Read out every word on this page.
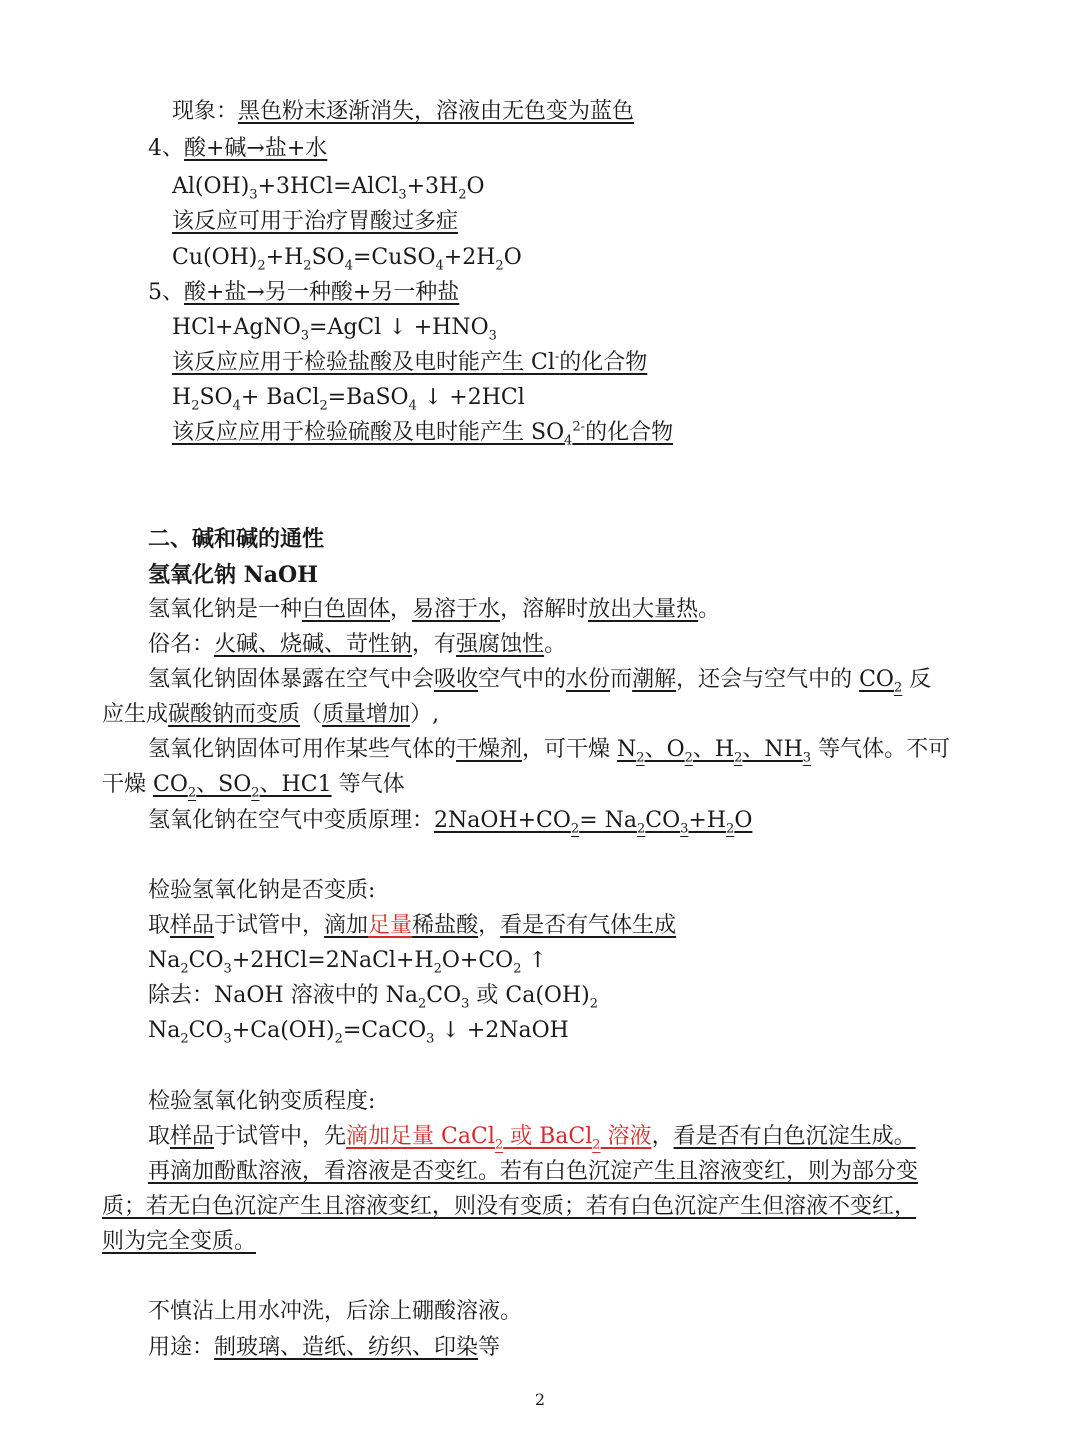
现象：黑色粉末逐渐消失，溶液由无色变为蓝色
4、酸+碱→盐+水
$Al(OH)_3+3HCl=AlCl_3+3H_2O$
该反应可用于治疗胃酸过多症
$Cu(OH)_2+H_2SO_4=CuSO_4+2H_2O$
5、酸+盐→另一种酸+另一种盐
HCl+AgNO$_3$=AgCl ↓ $+HNO_3$
该反应应用于检验盐酸及电时能产生 Cl-的化合物
$H_2SO_4+$ BaCl$_2$=BaSO$_4$ ↓ +2HCl
该反应应用于检验硫酸及电时能产生 $SO_4^{2-}$的化合物
二、碱和碱的通性
氢氧化钠 NaOH
氢氧化钠是一种白色固体，易溶于水，溶解时放出大量热。
俗名：火碱、烧碱、苛性钠，有强腐蚀性。
氢氧化钠固体暴露在空气中会吸收空气中的水份而潮解，还会与空气中的 $CO_2$ 反
应生成碳酸钠而变质（质量增加）,
氢氧化钠固体可用作某些气体的干燥剂，可干燥 $N_2$、$O_2$、$H_2$、$NH_3$ 等气体。不可
干燥 $CO_2$、$SO_2$、HC1 等气体
氢氧化钠在空气中变质原理：$2NaOH+CO_2= Na_2CO_3+H_2O$
检验氢氧化钠是否变质:
取样品于试管中，滴加足量稀盐酸，看是否有气体生成
$Na_2CO_3+2HCl=2NaCl+H_2O+CO_2$ ↑
除去：NaOH 溶液中的 $Na_2CO_3$ 或 $Ca(OH)_2$
$Na_2CO_3+Ca(OH)_2=CaCO_3$ ↓ +2NaOH
检验氢氧化钠变质程度:
取样品于试管中，先滴加足量 CaCl$_2$ 或 BaCl$_2$ 溶液，看是否有白色沉淀生成。
再滴加酚酞溶液，看溶液是否变红。若有白色沉淀产生且溶液变红，则为部分变
质；若无白色沉淀产生且溶液变红，则没有变质；若有白色沉淀产生但溶液不变红，
则为完全变质。
不慎沾上用水冲洗，后涂上硼酸溶液。
用途：制玻璃、造纸、纺织、印染等
2
